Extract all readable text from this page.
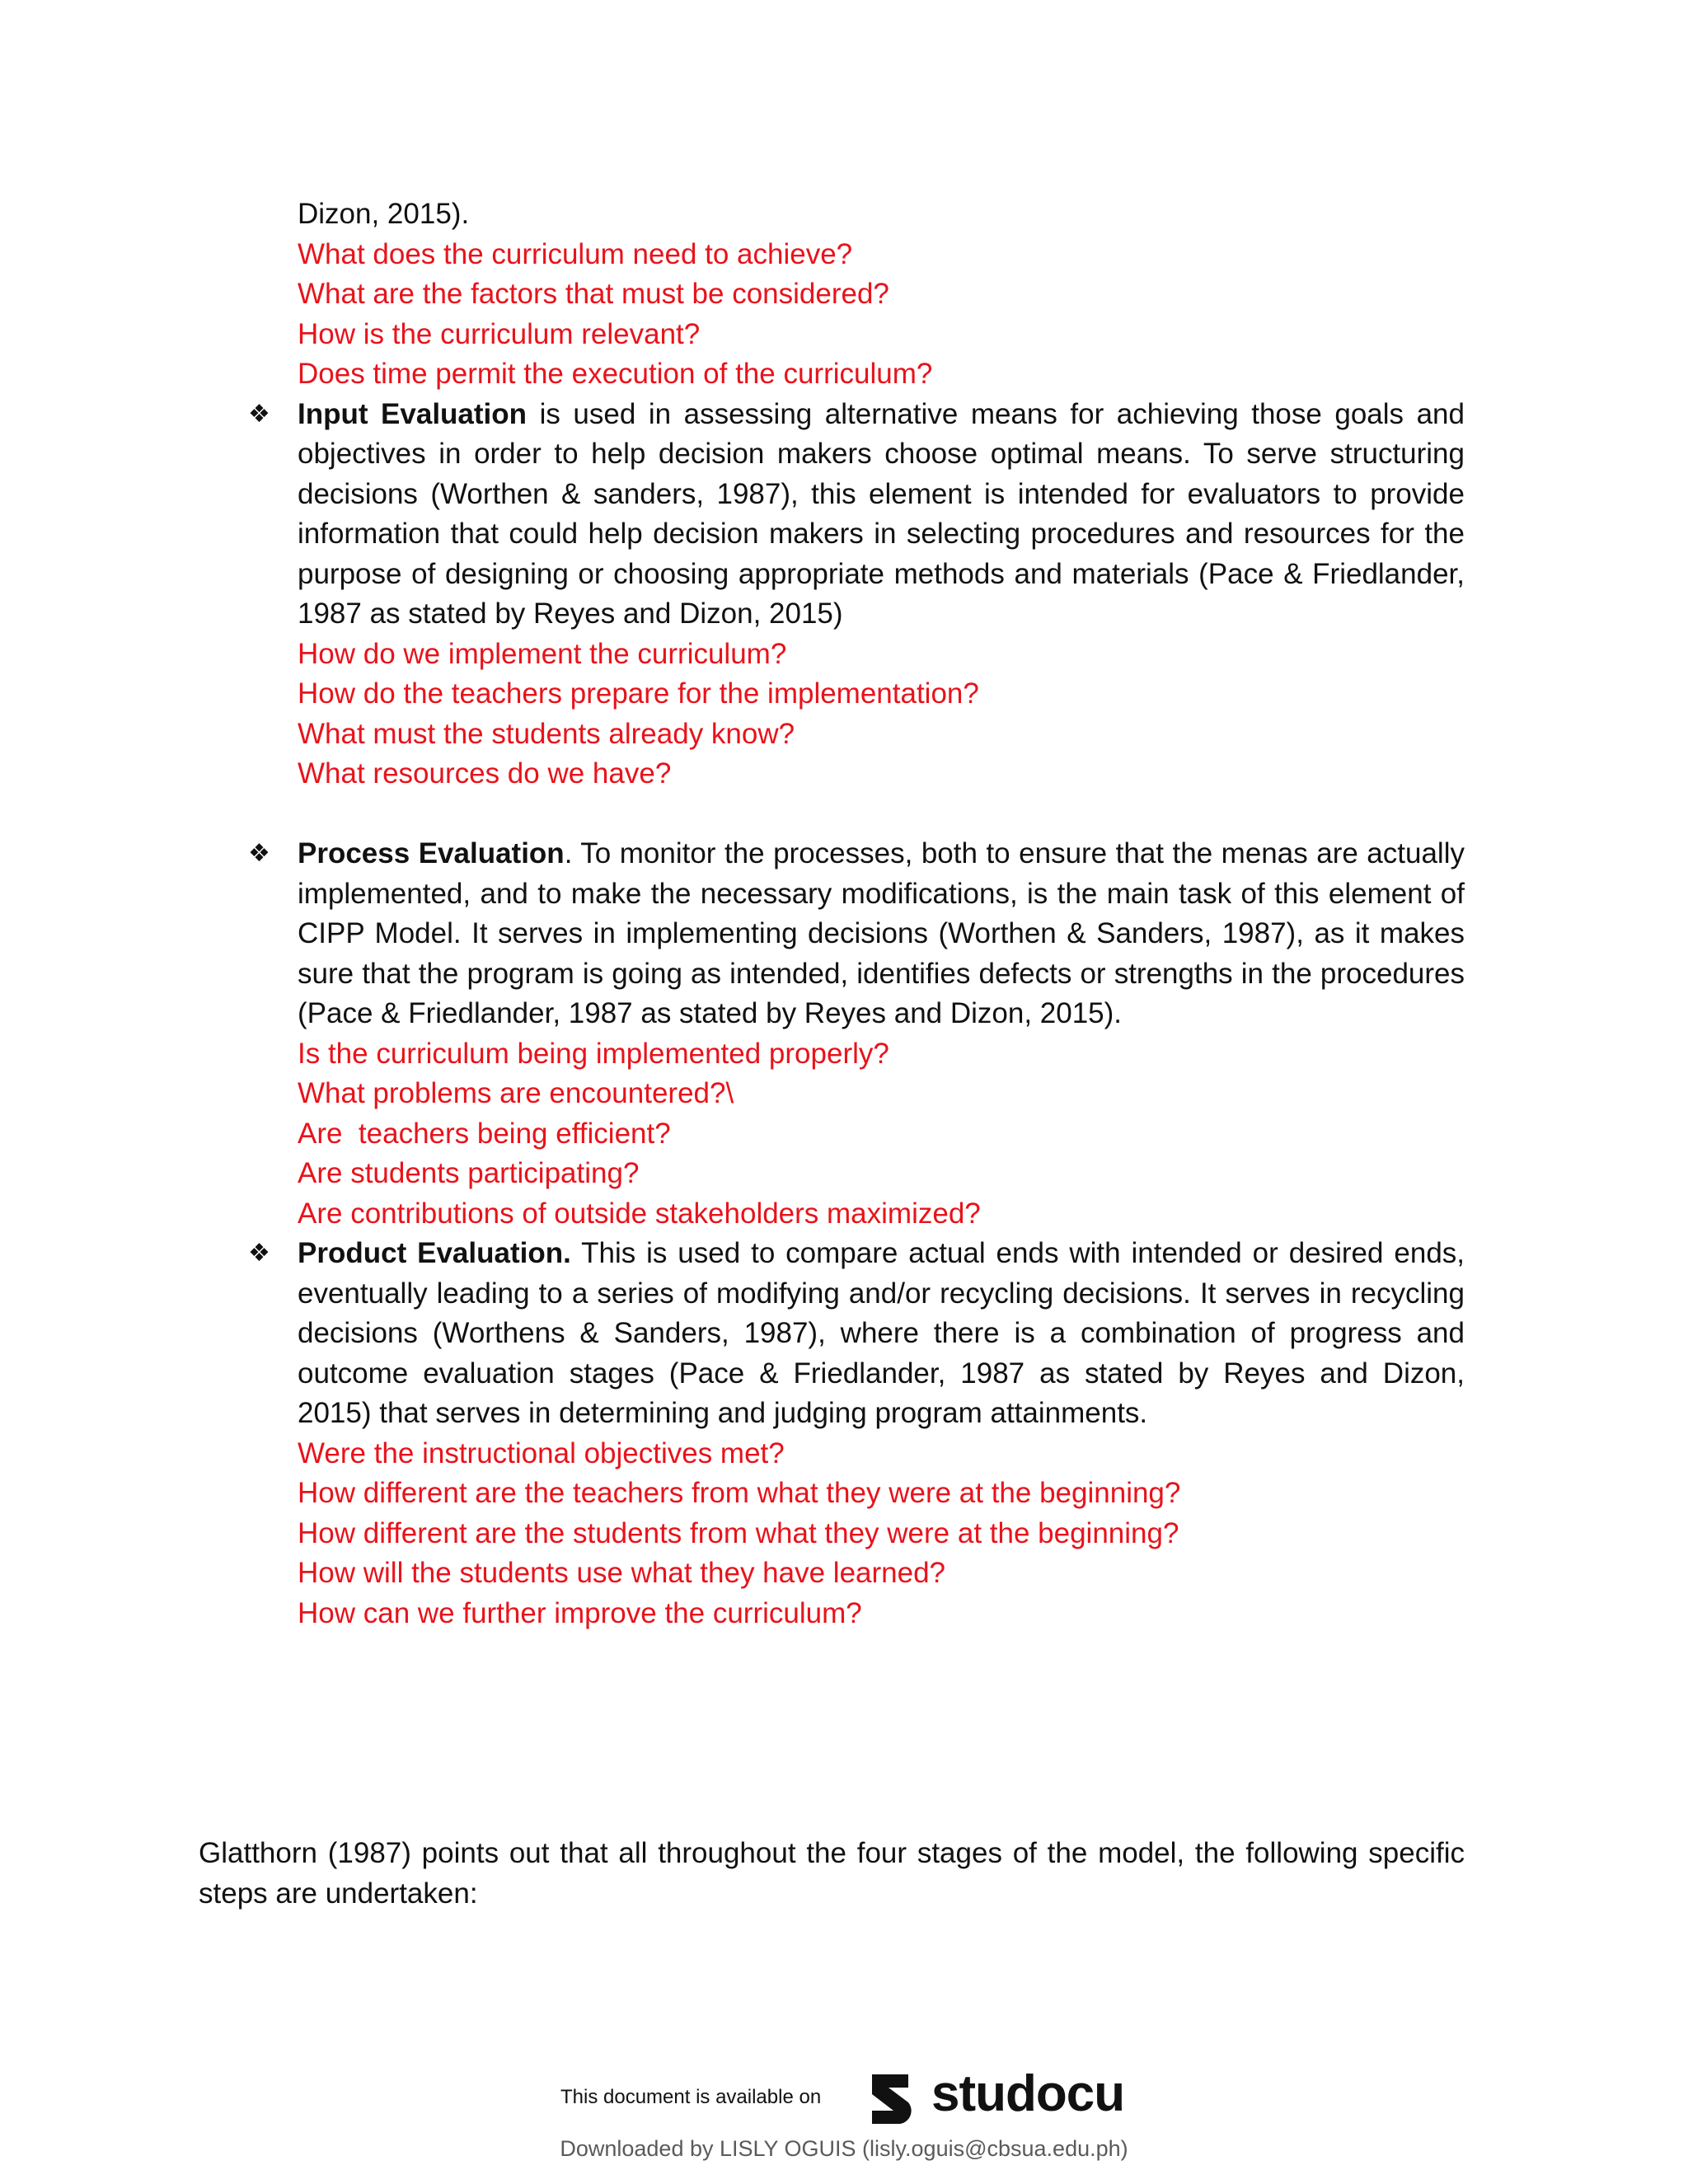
Dizon, 2015).
What does the curriculum need to achieve?
What are the factors that must be considered?
How is the curriculum relevant?
Does time permit the execution of the curriculum?
❖ Input Evaluation is used in assessing alternative means for achieving those goals and objectives in order to help decision makers choose optimal means. To serve structuring decisions (Worthen & sanders, 1987), this element is intended for evaluators to provide information that could help decision makers in selecting procedures and resources for the purpose of designing or choosing appropriate methods and materials (Pace & Friedlander, 1987 as stated by Reyes and Dizon, 2015)
How do we implement the curriculum?
How do the teachers prepare for the implementation?
What must the students already know?
What resources do we have?
❖ Process Evaluation. To monitor the processes, both to ensure that the menas are actually implemented, and to make the necessary modifications, is the main task of this element of CIPP Model. It serves in implementing decisions (Worthen & Sanders, 1987), as it makes sure that the program is going as intended, identifies defects or strengths in the procedures (Pace & Friedlander, 1987 as stated by Reyes and Dizon, 2015).
Is the curriculum being implemented properly?
What problems are encountered?\
Are  teachers being efficient?
Are students participating?
Are contributions of outside stakeholders maximized?
❖ Product Evaluation. This is used to compare actual ends with intended or desired ends, eventually leading to a series of modifying and/or recycling decisions. It serves in recycling decisions (Worthens & Sanders, 1987), where there is a combination of progress and outcome evaluation stages (Pace & Friedlander, 1987 as stated by Reyes and Dizon, 2015) that serves in determining and judging program attainments.
Were the instructional objectives met?
How different are the teachers from what they were at the beginning?
How different are the students from what they were at the beginning?
How will the students use what they have learned?
How can we further improve the curriculum?
Glatthorn (1987) points out that all throughout the four stages of the model, the following specific steps are undertaken:
This document is available on studocu
Downloaded by LISLY OGUIS (lisly.oguis@cbsua.edu.ph)
